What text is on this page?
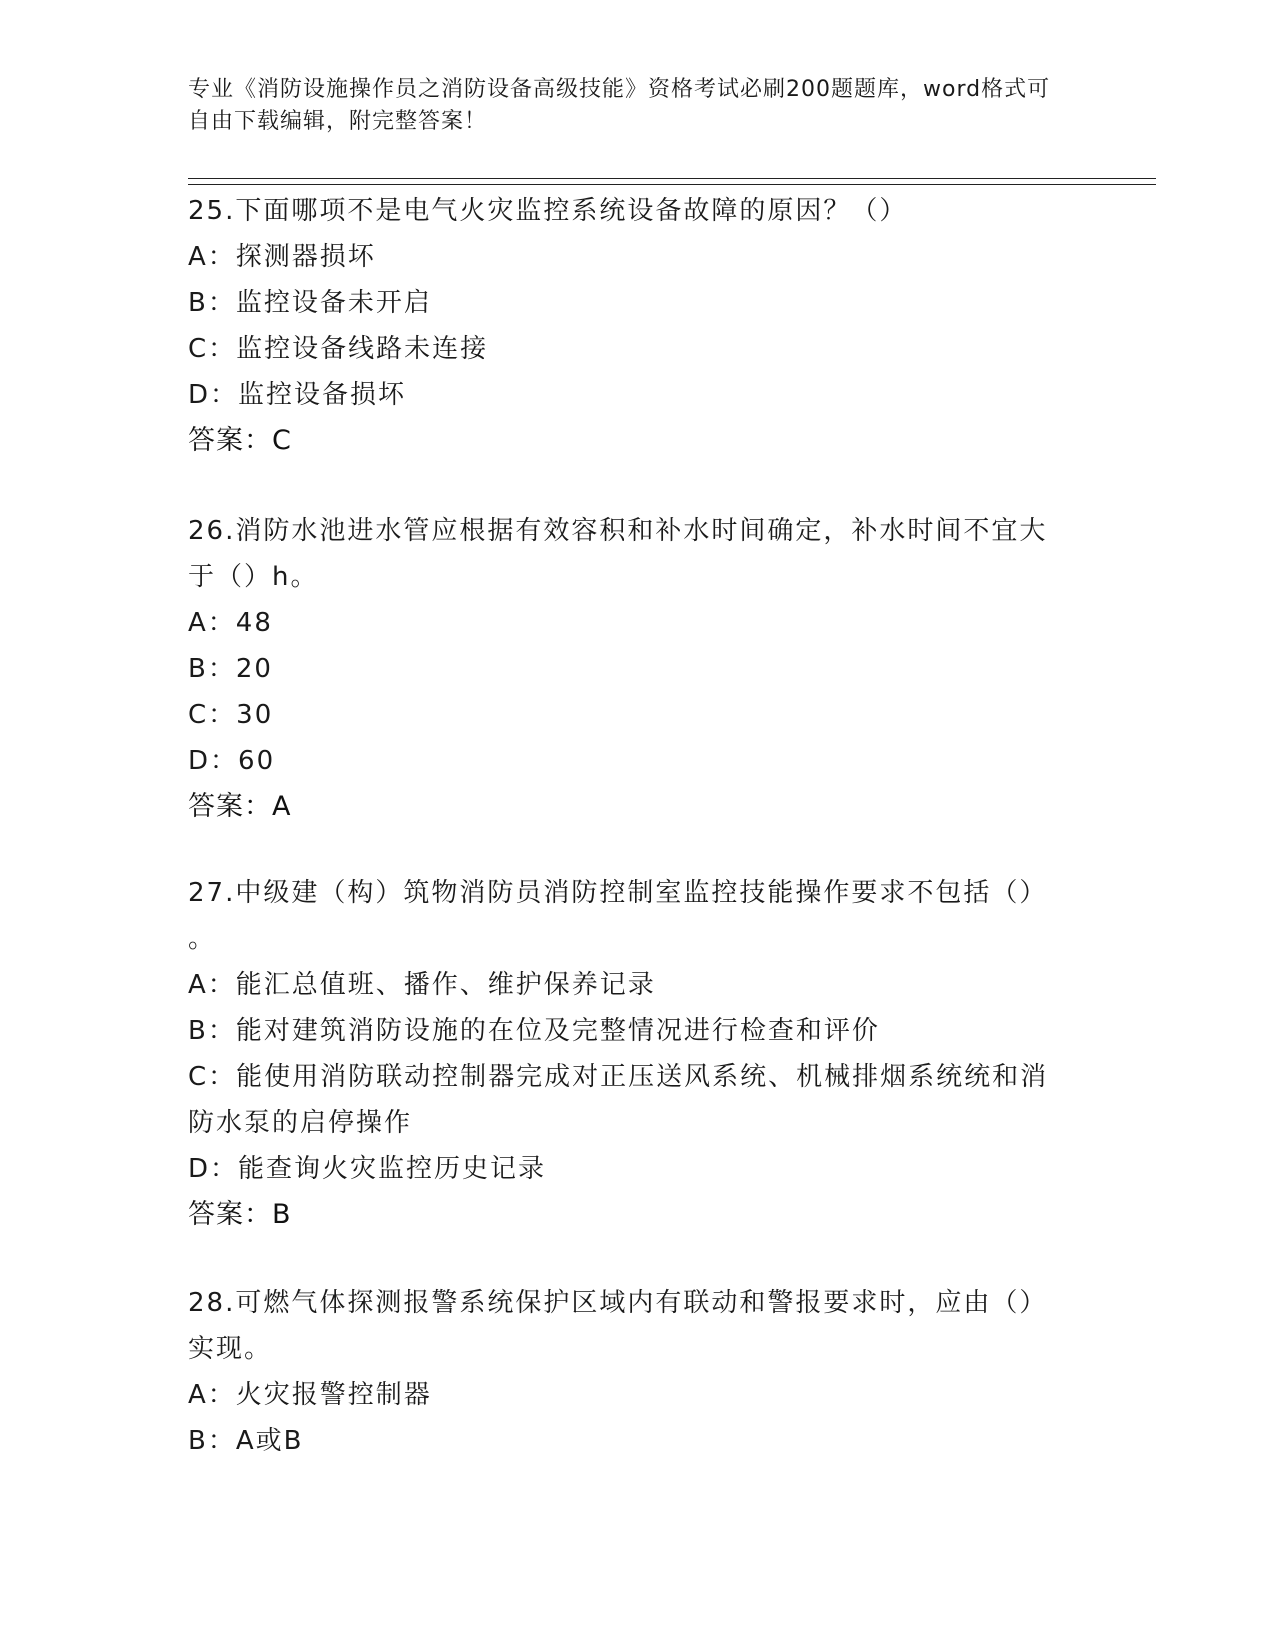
专业《消防设施操作员之消防设备高级技能》资格考试必刷200题题库，word格式可自由下载编辑，附完整答案！
25.下面哪项不是电气火灾监控系统设备故障的原因？（）
A：探测器损坏
B：监控设备未开启
C：监控设备线路未连接
D：监控设备损坏
答案：C
26.消防水池进水管应根据有效容积和补水时间确定，补水时间不宜大
于（）h。
A：48
B：20
C：30
D：60
答案：A
27.中级建（构）筑物消防员消防控制室监控技能操作要求不包括（）
。
A：能汇总值班、播作、维护保养记录
B：能对建筑消防设施的在位及完整情况进行检查和评价
C：能使用消防联动控制器完成对正压送风系统、机械排烟系统统和消
防水泵的启停操作
D：能查询火灾监控历史记录
答案：B
28.可燃气体探测报警系统保护区域内有联动和警报要求时，应由（）
实现。
A：火灾报警控制器
B：A或B
